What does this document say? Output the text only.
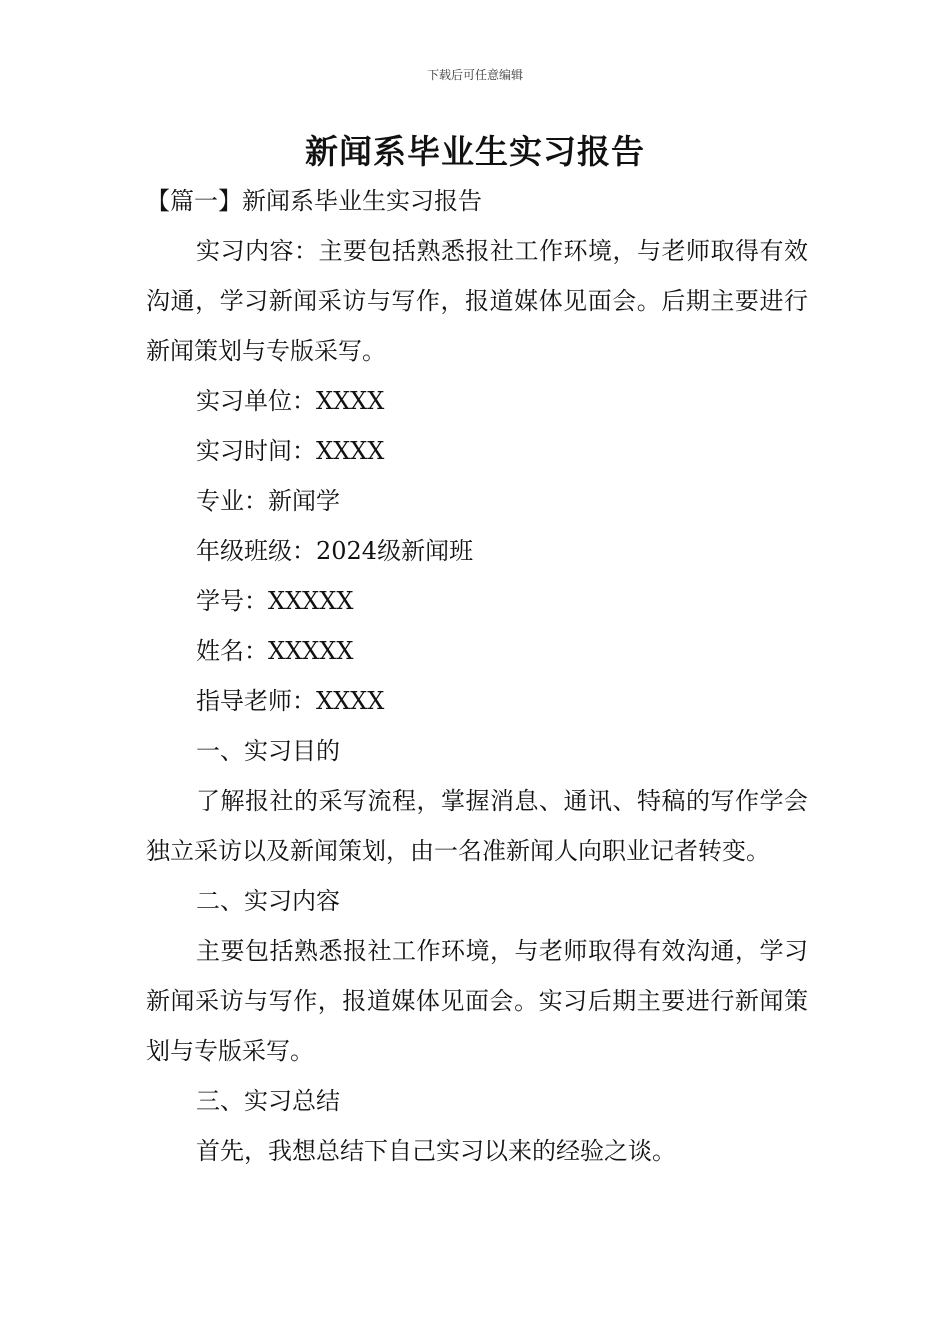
下载后可任意编辑
新闻系毕业生实习报告

【篇一】新闻系毕业生实习报告

实习内容：主要包括熟悉报社工作环境，与老师取得有效沟通，学习新闻采访与写作，报道媒体见面会。后期主要进行新闻策划与专版采写。

实习单位：XXXX

实习时间：XXXX

专业：新闻学

年级班级：2024级新闻班

学号：XXXXX

姓名：XXXXX

指导老师：XXXX

一、实习目的

了解报社的采写流程，掌握消息、通讯、特稿的写作学会独立采访以及新闻策划，由一名准新闻人向职业记者转变。

二、实习内容

主要包括熟悉报社工作环境，与老师取得有效沟通，学习新闻采访与写作，报道媒体见面会。实习后期主要进行新闻策划与专版采写。

三、实习总结

首先，我想总结下自己实习以来的经验之谈。
